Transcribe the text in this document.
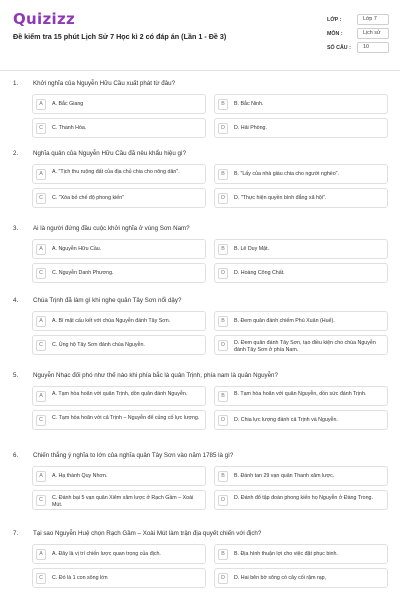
Quizizz
Đề kiểm tra 15 phút Lịch Sử 7 Học kì 2 có đáp án (Lần 1 - Đề 3)
LỚP :	Lớp 7
MÔN :	Lịch sử
SỐ CÂU :	10
1. Khởi nghĩa của Nguyễn Hữu Cầu xuất phát từ đâu?
A	A. Bắc Giang	B	B. Bắc Ninh.
C	C. Thanh Hóa.	D	D. Hải Phòng.
2. Nghĩa quân của Nguyễn Hữu Cầu đã nêu khẩu hiệu gì?
A	A. "Tịch thu ruộng đất của địa chủ chia cho nông dân".	B	B. "Lấy của nhà giàu chia cho người nghèo".
C	C. "Xóa bỏ chế độ phong kiến"	D	D. "Thực hiện quyền bình đẳng xã hội".
3. Ai là người đứng đầu cuộc khởi nghĩa ở vùng Sơn Nam?
A	A. Nguyễn Hữu Cầu.	B	B. Lê Duy Mật.
C	C. Nguyễn Danh Phương.	D	D. Hoàng Công Chất.
4. Chúa Trịnh đã làm gì khi nghe quân Tây Sơn nổi dậy?
A	A. Bí mật cấu kết với chúa Nguyễn đánh Tây Sơn.	B	B. Đem quân đánh chiếm Phú Xuân (Huế).
C	C. Ủng hộ Tây Sơn đánh chúa Nguyễn.	D	D. Đem quân đánh Tây Sơn, tạo điều kiện cho chúa Nguyễn đánh Tây Sơn ở phía Nam.
5. Nguyễn Nhạc đối phó như thế nào khi phía bắc là quân Trịnh, phía nam là quân Nguyễn?
A	A. Tạm hòa hoãn với quân Trịnh, dồn quân đánh Nguyễn.	B	B. Tạm hòa hoãn với quân Nguyễn, dồn sức đánh Trịnh.
C	C. Tạm hòa hoãn với cả Trịnh – Nguyễn để củng cố lực lượng.	D	D. Chia lực lượng đánh cả Trịnh và Nguyễn.
6. Chiến thắng ý nghĩa to lớn của nghĩa quân Tây Sơn vào năm 1785 là gì?
A	A. Hạ thành Quy Nhơn.	B	B. Đánh tan 29 vạn quân Thanh xâm lược.
C	C. Đánh bại 5 vạn quân Xiêm xâm lược ở Rạch Gầm – Xoài Mút.
D	D. Đánh đổ tập đoàn phong kiến họ Nguyễn ở Đàng Trong.
7. Tại sao Nguyễn Huệ chọn Rạch Gầm – Xoài Mút làm trận địa quyết chiến với địch?
A	A. Đây là vị trí chiến lược quan trọng của địch.	B	B. Địa hình thuận lợi cho việc đặt phục binh.
C	C. Đó là 1 con sông lớn	D	D. Hai bên bờ sông có cây cối rậm rạp,
